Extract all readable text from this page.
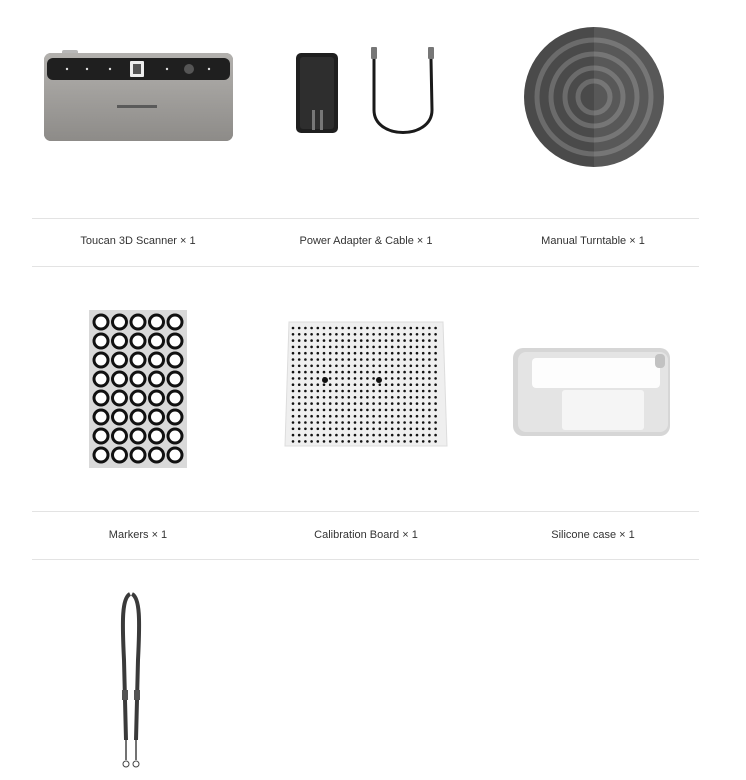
Toucan 3D Scanner × 1	Power Adapter & Cable × 1	Manual Turntable × 1
Markers × 1	Calibration Board × 1	Silicone case × 1
